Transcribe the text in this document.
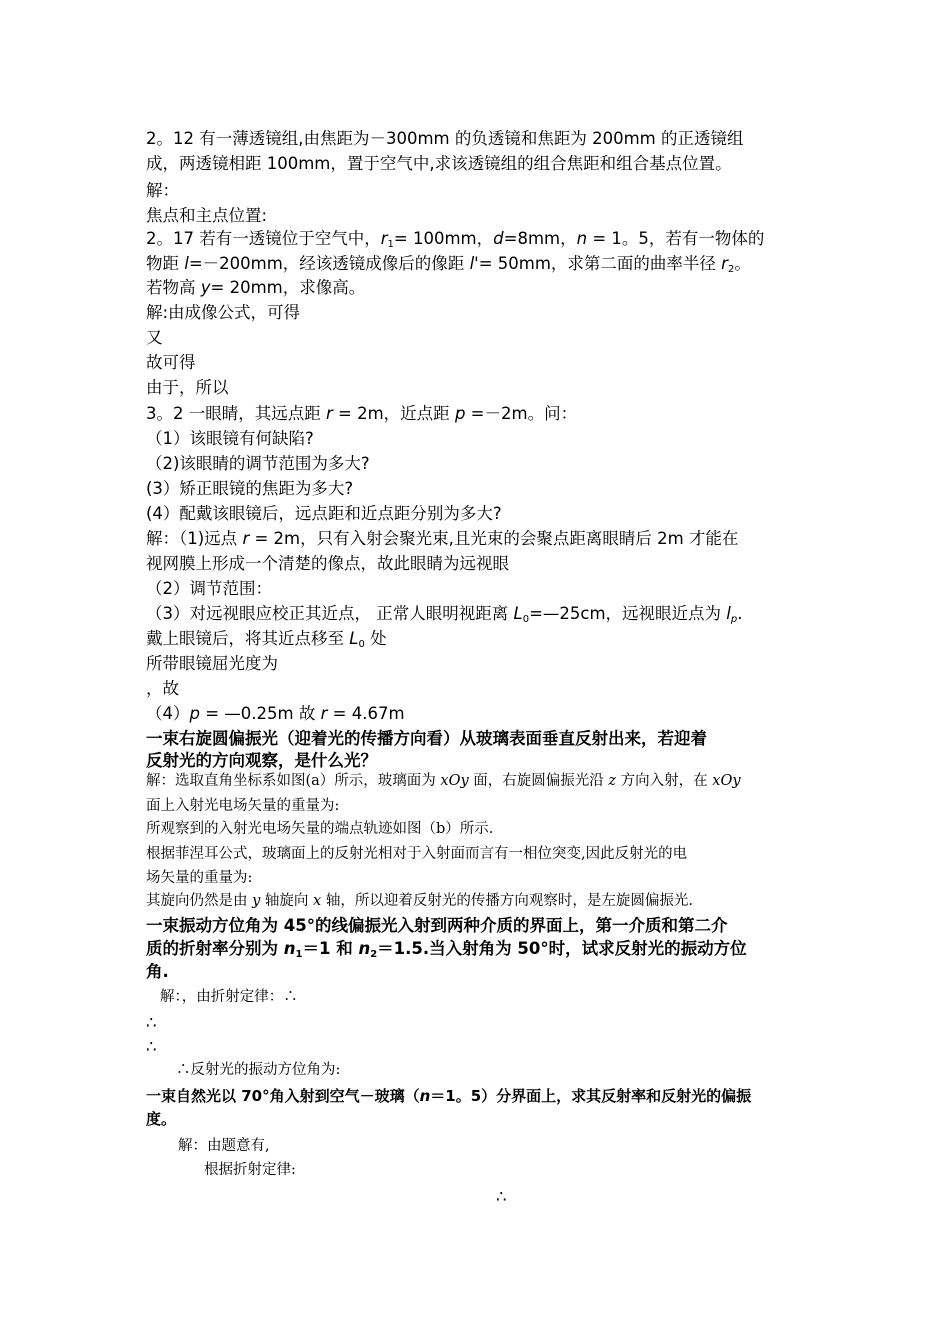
2。12 有一薄透镜组,由焦距为－300mm 的负透镜和焦距为 200mm 的正透镜组
成，两透镜相距 100mm，置于空气中,求该透镜组的组合焦距和组合基点位置。
解：
焦点和主点位置:
2。17 若有一透镜位于空气中，$r_1= 100mm$，d=8mm，n = 1。5，若有一物体的
物距 l=－200mm，经该透镜成像后的像距 l'= 50mm，求第二面的曲率半径 $r_2$。
若物高 y= 20mm，求像高。
解:由成像公式，可得
又
故可得
由于，所以
3。2 一眼睛，其远点距 r = 2m，近点距 p =－2m。问：
（1）该眼镜有何缺陷?
（2)该眼睛的调节范围为多大?
(3）矫正眼镜的焦距为多大?
(4）配戴该眼镜后，远点距和近点距分别为多大?
解：（1)远点 r = 2m，只有入射会聚光束,且光束的会聚点距离眼睛后 2m 才能在
视网膜上形成一个清楚的像点，故此眼睛为远视眼
（2）调节范围：
（3）对远视眼应校正其近点， 正常人眼明视距离 $L_0=—25cm$，远视眼近点为 $l_p$.
戴上眼镜后，将其近点移至 $L_0$ 处
所带眼镜屈光度为
，故
（4）p = —0.25m 故 r = 4.67m
一束右旋圆偏振光（迎着光的传播方向看）从玻璃表面垂直反射出来，若迎着
反射光的方向观察，是什么光？
解：选取直角坐标系如图(a）所示，玻璃面为 xOy 面，右旋圆偏振光沿 z 方向入射，在 xOy
面上入射光电场矢量的重量为:
所观察到的入射光电场矢量的端点轨迹如图（b）所示.
根据菲涅耳公式，玻璃面上的反射光相对于入射面而言有一相位突变,因此反射光的电
场矢量的重量为:
其旋向仍然是由 y 轴旋向 x 轴，所以迎着反射光的传播方向观察时，是左旋圆偏振光.
一束振动方位角为 45°的线偏振光入射到两种介质的界面上，第一介质和第二介
质的折射率分别为 $n_1=1$ 和 $n_2=1.5$.当入射角为 50°时，试求反射光的振动方位
角.
解：，由折射定律：∴
∴
∴
∴反射光的振动方位角为:
一束自然光以 70°角入射到空气－玻璃（n＝1。5）分界面上，求其反射率和反射光的偏振
度。
解：由题意有,
根据折射定律:
∴
